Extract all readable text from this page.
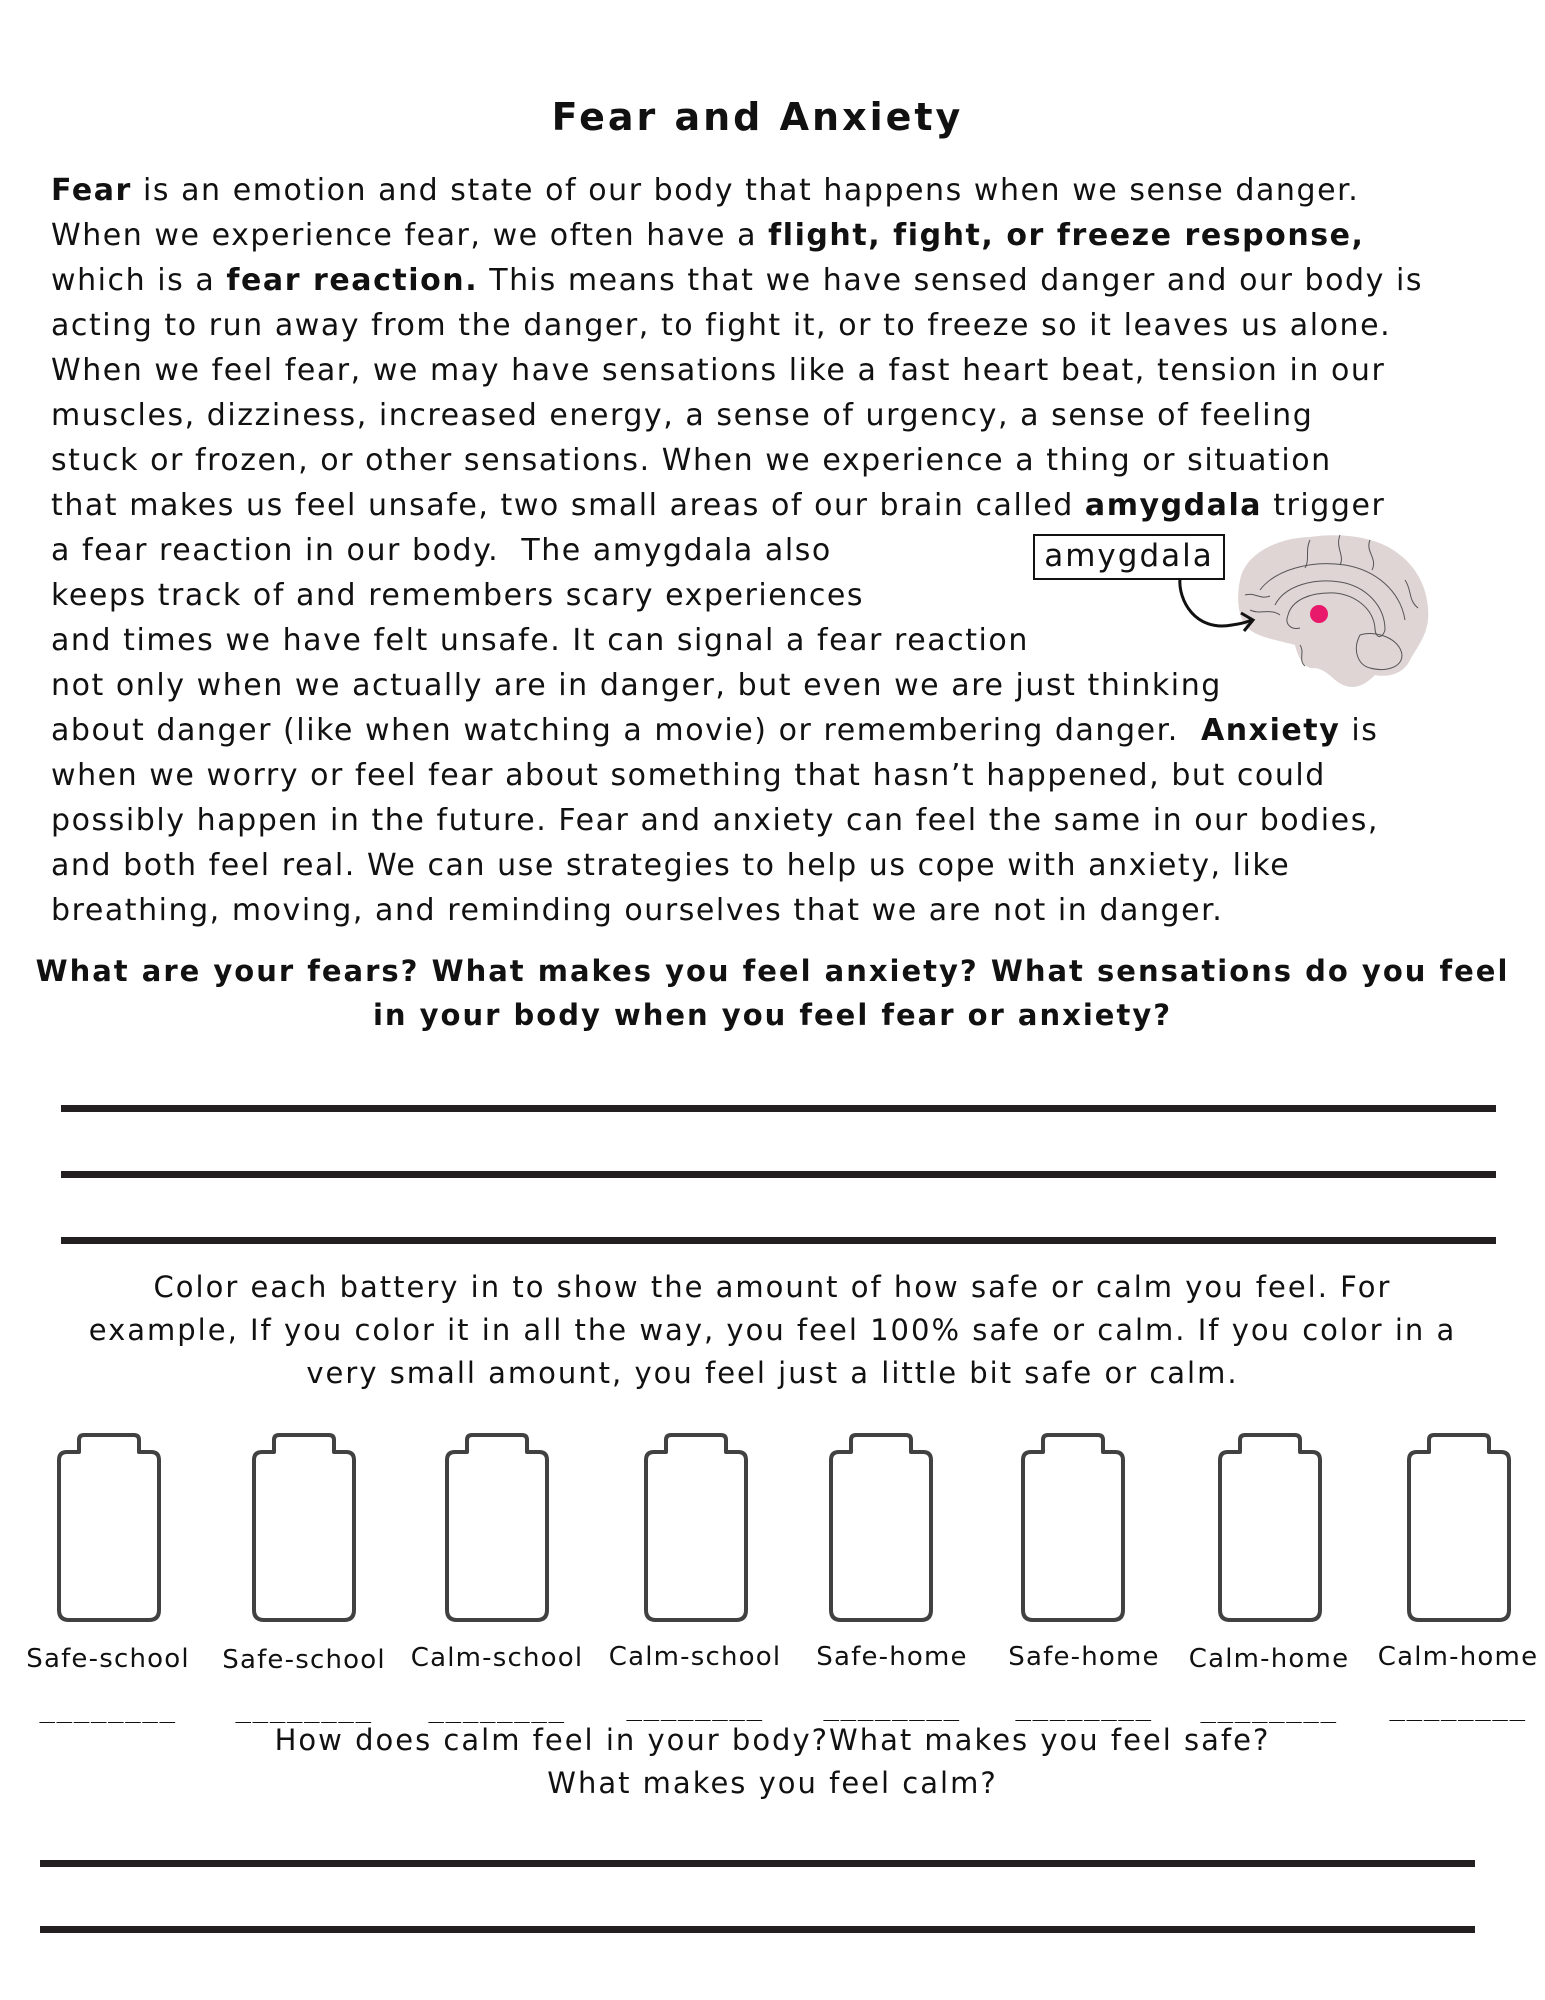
Fear and Anxiety
Fear is an emotion and state of our body that happens when we sense danger.
When we experience fear, we often have a flight, fight, or freeze response,
which is a fear reaction. This means that we have sensed danger and our body is
acting to run away from the danger, to fight it, or to freeze so it leaves us alone.
When we feel fear, we may have sensations like a fast heart beat, tension in our
muscles, dizziness, increased energy, a sense of urgency, a sense of feeling
stuck or frozen, or other sensations. When we experience a thing or situation
that makes us feel unsafe, two small areas of our brain called amygdala trigger
a fear reaction in our body.  The amygdala also
keeps track of and remembers scary experiences
and times we have felt unsafe. It can signal a fear reaction
not only when we actually are in danger, but even we are just thinking
about danger (like when watching a movie) or remembering danger.  Anxiety is
when we worry or feel fear about something that hasn’t happened, but could
possibly happen in the future. Fear and anxiety can feel the same in our bodies,
and both feel real. We can use strategies to help us cope with anxiety, like
breathing, moving, and reminding ourselves that we are not in danger.
amygdala
What are your fears? What makes you feel anxiety? What sensations do you feel
in your body when you feel fear or anxiety?
Color each battery in to show the amount of how safe or calm you feel. For
example, If you color it in all the way, you feel 100% safe or calm. If you color in a
very small amount, you feel just a little bit safe or calm.
Safe-school
________
Safe-school
________
Calm-school
________
Calm-school
________
Safe-home
________
Safe-home
________
Calm-home
________
Calm-home
________
How does calm feel in your body?What makes you feel safe?
What makes you feel calm?
